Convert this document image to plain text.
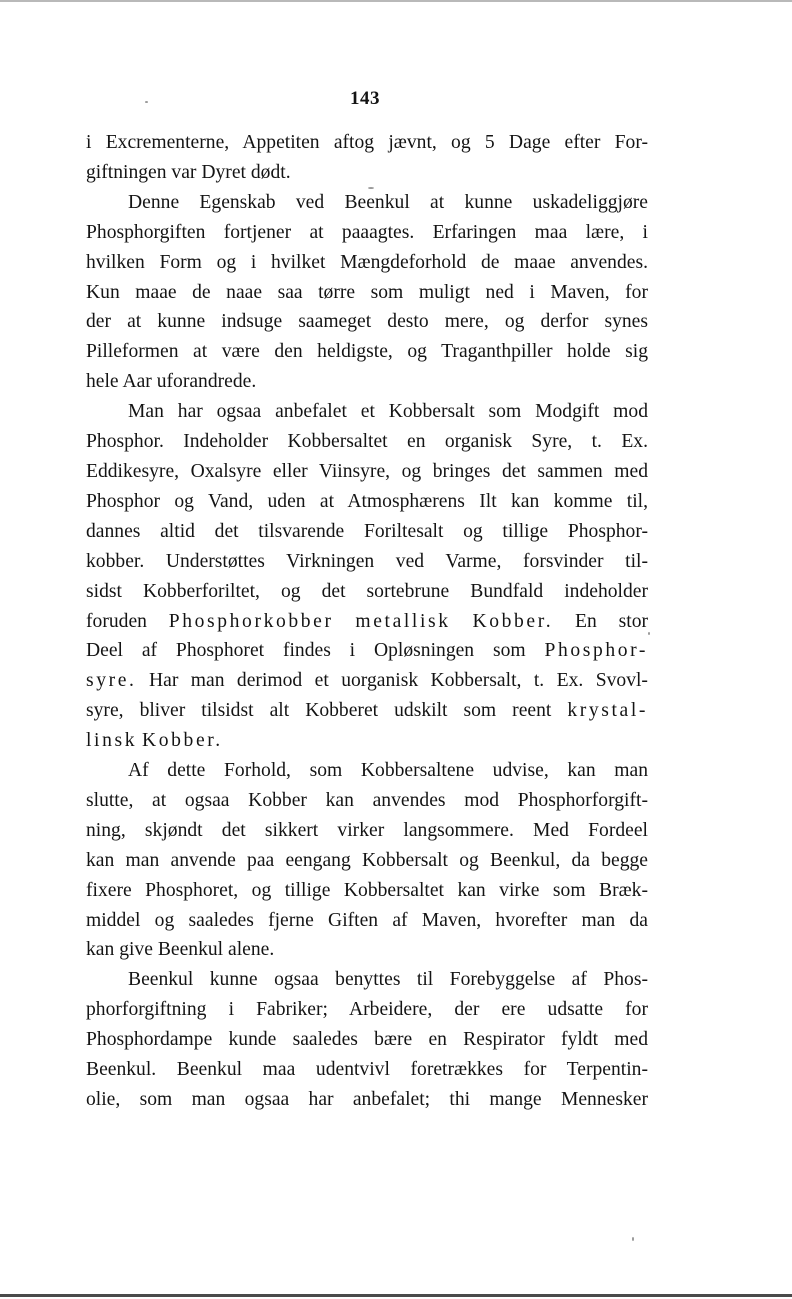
143
i Excrementerne, Appetiten aftog jævnt, og 5 Dage efter For-
giftningen var Dyret dødt.
Denne Egenskab ved Beenkul at kunne uskadeliggjøre
Phosphorgiften fortjener at paaagtes. Erfaringen maa lære, i
hvilken Form og i hvilket Mængdeforhold de maae anvendes.
Kun maae de naae saa tørre som muligt ned i Maven, for
der at kunne indsuge saameget desto mere, og derfor synes
Pilleformen at være den heldigste, og Traganthpiller holde sig
hele Aar uforandrede.
Man har ogsaa anbefalet et Kobbersalt som Modgift mod
Phosphor. Indeholder Kobbersaltet en organisk Syre, t. Ex.
Eddikesyre, Oxalsyre eller Viinsyre, og bringes det sammen med
Phosphor og Vand, uden at Atmosphærens Ilt kan komme til,
dannes altid det tilsvarende Foriltesalt og tillige Phosphor-
kobber. Understøttes Virkningen ved Varme, forsvinder til-
sidst Kobberforiltet, og det sortebrune Bundfald indeholder
foruden Phosphorkobber metallisk Kobber. En stor
Deel af Phosphoret findes i Opløsningen som Phosphor-
syre. Har man derimod et uorganisk Kobbersalt, t. Ex. Svovl-
syre, bliver tilsidst alt Kobberet udskilt som reent krystal-
linsk Kobber.
Af dette Forhold, som Kobbersaltene udvise, kan man
slutte, at ogsaa Kobber kan anvendes mod Phosphorforgift-
ning, skjøndt det sikkert virker langsommere. Med Fordeel
kan man anvende paa eengang Kobbersalt og Beenkul, da begge
fixere Phosphoret, og tillige Kobbersaltet kan virke som Bræk-
middel og saaledes fjerne Giften af Maven, hvorefter man da
kan give Beenkul alene.
Beenkul kunne ogsaa benyttes til Forebyggelse af Phos-
phorforgiftning i Fabriker; Arbeidere, der ere udsatte for
Phosphordampe kunde saaledes bære en Respirator fyldt med
Beenkul. Beenkul maa udentvivl foretrækkes for Terpentin-
olie, som man ogsaa har anbefalet; thi mange Mennesker
